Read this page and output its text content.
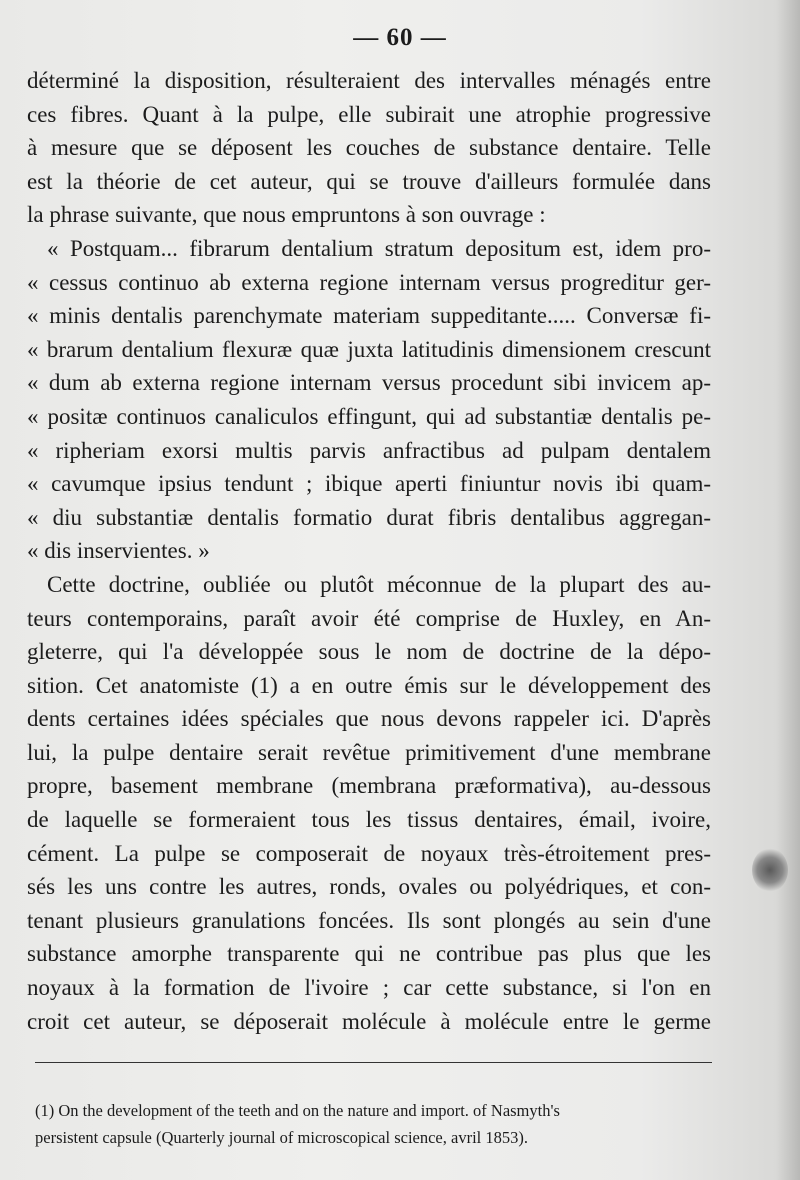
— 60 —
déterminé la disposition, résulteraient des intervalles ménagés entre
ces fibres. Quant à la pulpe, elle subirait une atrophie progressive
à mesure que se déposent les couches de substance dentaire. Telle
est la théorie de cet auteur, qui se trouve d'ailleurs formulée dans
la phrase suivante, que nous empruntons à son ouvrage :
« Postquam... fibrarum dentalium stratum depositum est, idem pro-
« cessus continuo ab externa regione internam versus progreditur ger-
« minis dentalis parenchymate materiam suppeditante..... Conversæ fi-
« brarum dentalium flexuræ quæ juxta latitudinis dimensionem crescunt
« dum ab externa regione internam versus procedunt sibi invicem ap-
« positæ continuos canaliculos effingunt, qui ad substantiæ dentalis pe-
« ripheriam exorsi multis parvis anfractibus ad pulpam dentalem
« cavumque ipsius tendunt ; ibique aperti finiuntur novis ibi quam-
« diu substantiæ dentalis formatio durat fibris dentalibus aggregan-
« dis inservientes. »
Cette doctrine, oubliée ou plutôt méconnue de la plupart des au-
teurs contemporains, paraît avoir été comprise de Huxley, en An-
gleterre, qui l'a développée sous le nom de doctrine de la dépo-
sition. Cet anatomiste (1) a en outre émis sur le développement des
dents certaines idées spéciales que nous devons rappeler ici. D'après
lui, la pulpe dentaire serait revêtue primitivement d'une membrane
propre, basement membrane (membrana præformativa), au-dessous
de laquelle se formeraient tous les tissus dentaires, émail, ivoire,
cément. La pulpe se composerait de noyaux très-étroitement pres-
sés les uns contre les autres, ronds, ovales ou polyédriques, et con-
tenant plusieurs granulations foncées. Ils sont plongés au sein d'une
substance amorphe transparente qui ne contribue pas plus que les
noyaux à la formation de l'ivoire ; car cette substance, si l'on en
croit cet auteur, se déposerait molécule à molécule entre le germe
(1) On the development of the teeth and on the nature and import. of Nasmyth's
persistent capsule (Quarterly journal of microscopical science, avril 1853).
